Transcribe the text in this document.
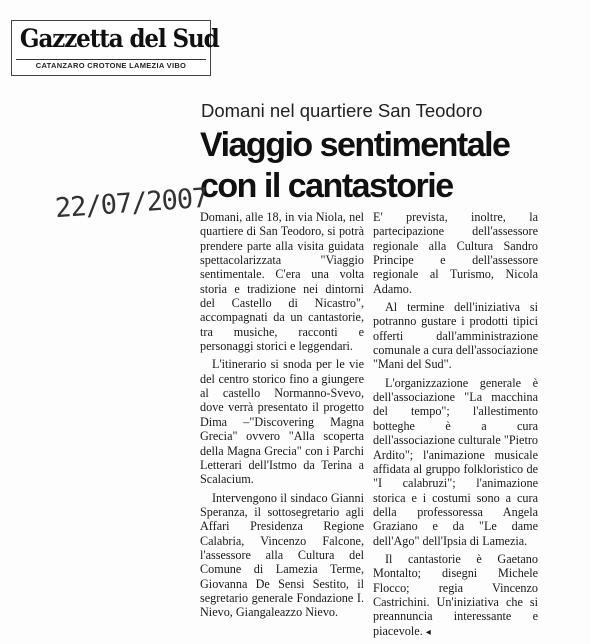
Gazzetta del Sud
CATANZARO CROTONE LAMEZIA VIBO
Domani nel quartiere San Teodoro
Viaggio sentimentale con il cantastorie
22/07/2007

Domani, alle 18, in via Niola, nel quartiere di San Teodoro, si potrà prendere parte alla visita guidata spettacolarizzata "Viaggio sentimentale. C'era una volta storia e tradizione nei dintorni del Castello di Nicastro", accompagnati da un cantastorie, tra musiche, racconti e personaggi storici e leggendari.

L'itinerario si snoda per le vie del centro storico fino a giungere al castello Normanno-Svevo, dove verrà presentato il progetto Dima –"Discovering Magna Grecia" ovvero "Alla scoperta della Magna Grecia" con i Parchi Letterari dell'Istmo da Terina a Scalacium.

Intervengono il sindaco Gianni Speranza, il sottosegretario agli Affari Presidenza Regione Calabria, Vincenzo Falcone, l'assessore alla Cultura del Comune di Lamezia Terme, Giovanna De Sensi Sestito, il segretario generale Fondazione I. Nievo, Giangaleazzo Nievo.

E' prevista, inoltre, la partecipazione dell'assessore regionale alla Cultura Sandro Principe e dell'assessore regionale al Turismo, Nicola Adamo.

Al termine dell'iniziativa si potranno gustare i prodotti tipici offerti dall'amministrazione comunale a cura dell'associazione "Mani del Sud".

L'organizzazione generale è dell'associazione "La macchina del tempo"; l'allestimento botteghe è a cura dell'associazione culturale "Pietro Ardito"; l'animazione musicale affidata al gruppo folkloristico de "I calabruzi"; l'animazione storica e i costumi sono a cura della professoressa Angela Graziano e da "Le dame dell'Ago" dell'Ipsia di Lamezia.

Il cantastorie è Gaetano Montalto; disegni Michele Flocco; regia Vincenzo Castrichini. Un'iniziativa che si preannuncia interessante e piacevole. ◂
